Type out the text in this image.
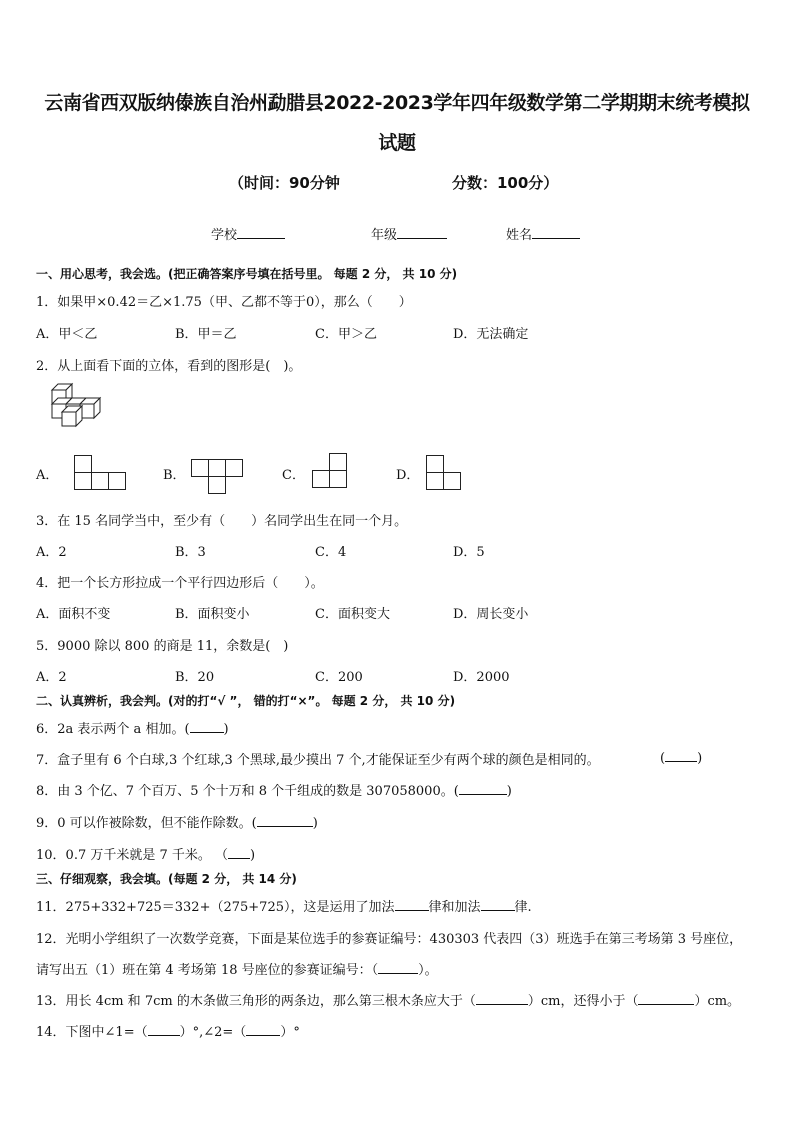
云南省西双版纳傣族自治州勐腊县2022-2023学年四年级数学第二学期期末统考模拟
试题
（时间：90分钟	分数：100分）
学校	年级	姓名
一、用心思考，我会选。(把正确答案序号填在括号里。 每题 2 分， 共 10 分)
1．如果甲×0.42＝乙×1.75（甲、乙都不等于0），那么（　　）
A．甲＜乙	B．甲＝乙	C．甲＞乙	D．无法确定
2．从上面看下面的立体，看到的图形是(　)。
A．	B．	C．	D．
3．在 15 名同学当中，至少有（　　）名同学出生在同一个月。
A．2	B．3	C．4	D．5
4．把一个长方形拉成一个平行四边形后（　　）。
A．面积不变	B．面积变小	C．面积变大	D．周长变小
5．9000 除以 800 的商是 11，余数是(　)
A．2	B．20	C．200	D．2000
二、认真辨析，我会判。(对的打“√ ”， 错的打“×”。 每题 2 分， 共 10 分)
6．2a 表示两个 a 相加。(	)
7．盒子里有 6 个白球,3 个红球,3 个黑球,最少摸出 7 个,才能保证至少有两个球的颜色是相同的。	( )
8．由 3 个亿、7 个百万、5 个十万和 8 个千组成的数是 307058000。(	)
9．0 可以作被除数，但不能作除数。(	)
10．0.7 万千米就是 7 千米。 （ )
三、仔细观察，我会填。(每题 2 分， 共 14 分)
11．275+332+725＝332+（275+725），这是运用了加法	律和加法	律.
12．光明小学组织了一次数学竞赛，下面是某位选手的参赛证编号：430303 代表四（3）班选手在第三考场第 3 号座位，
请写出五（1）班在第 4 考场第 18 号座位的参赛证编号：（	）。
13．用长 4cm 和 7cm 的木条做三角形的两条边，那么第三根木条应大于（	）cm，还得小于（	）cm。
14．下图中∠1=（ ）°,∠2=（	）°
